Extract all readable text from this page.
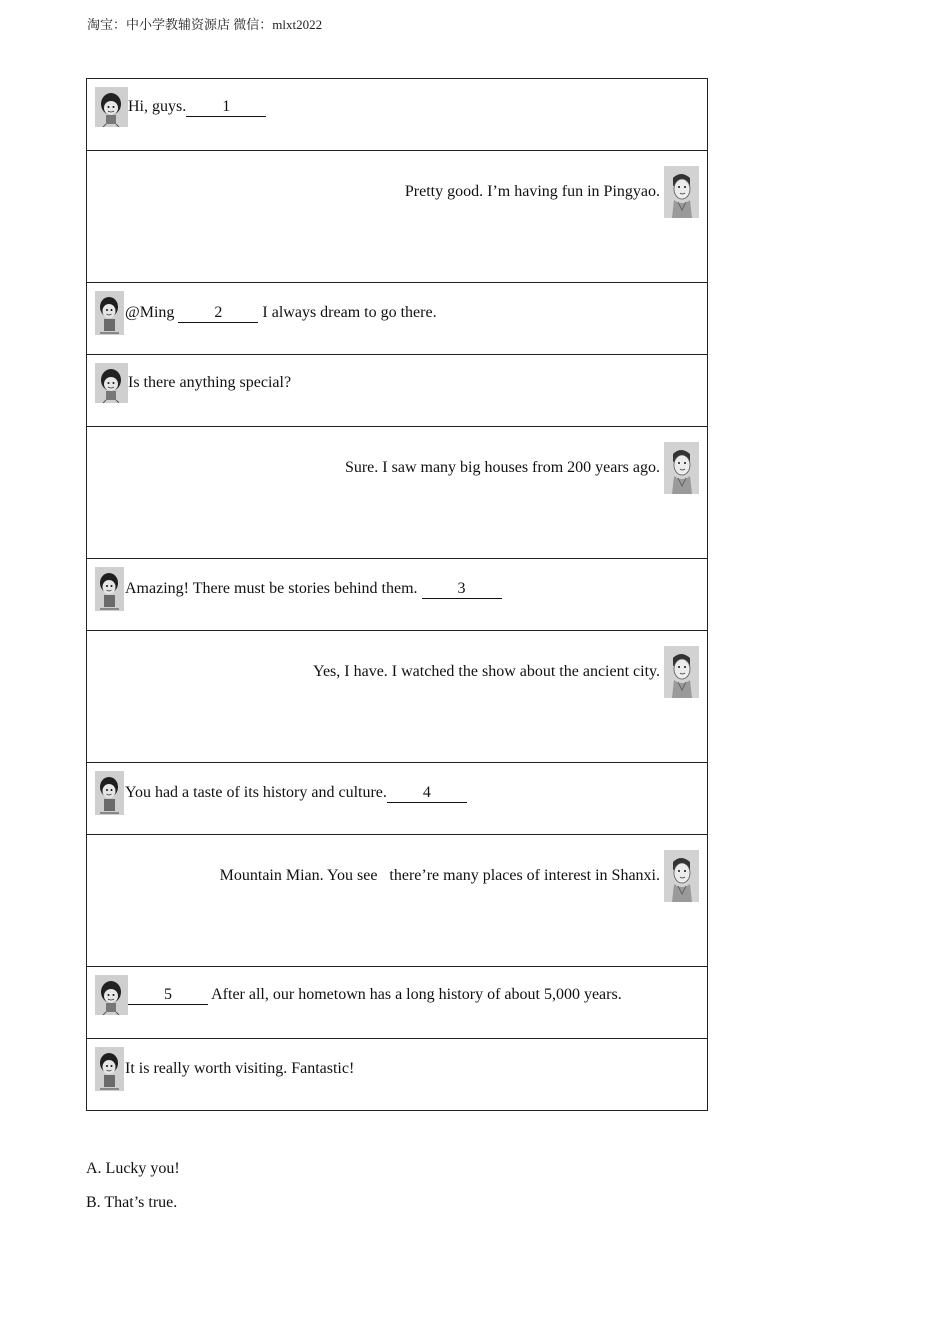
淘宝：中小学教辅资源店 微信：mlxt2022
Hi, guys. 1

Pretty good. I’m having fun in Pingyao.

@Ming 2 I always dream to go there.

Is there anything special?

Sure. I saw many big houses from 200 years ago.

Amazing! There must be stories behind them. 3

Yes, I have. I watched the show about the ancient city.

You had a taste of its history and culture. 4

Mountain Mian. You see   there’re many places of interest in Shanxi.

5 After all, our hometown has a long history of about 5,000 years.

It is really worth visiting. Fantastic!
A. Lucky you!
B. That’s true.
